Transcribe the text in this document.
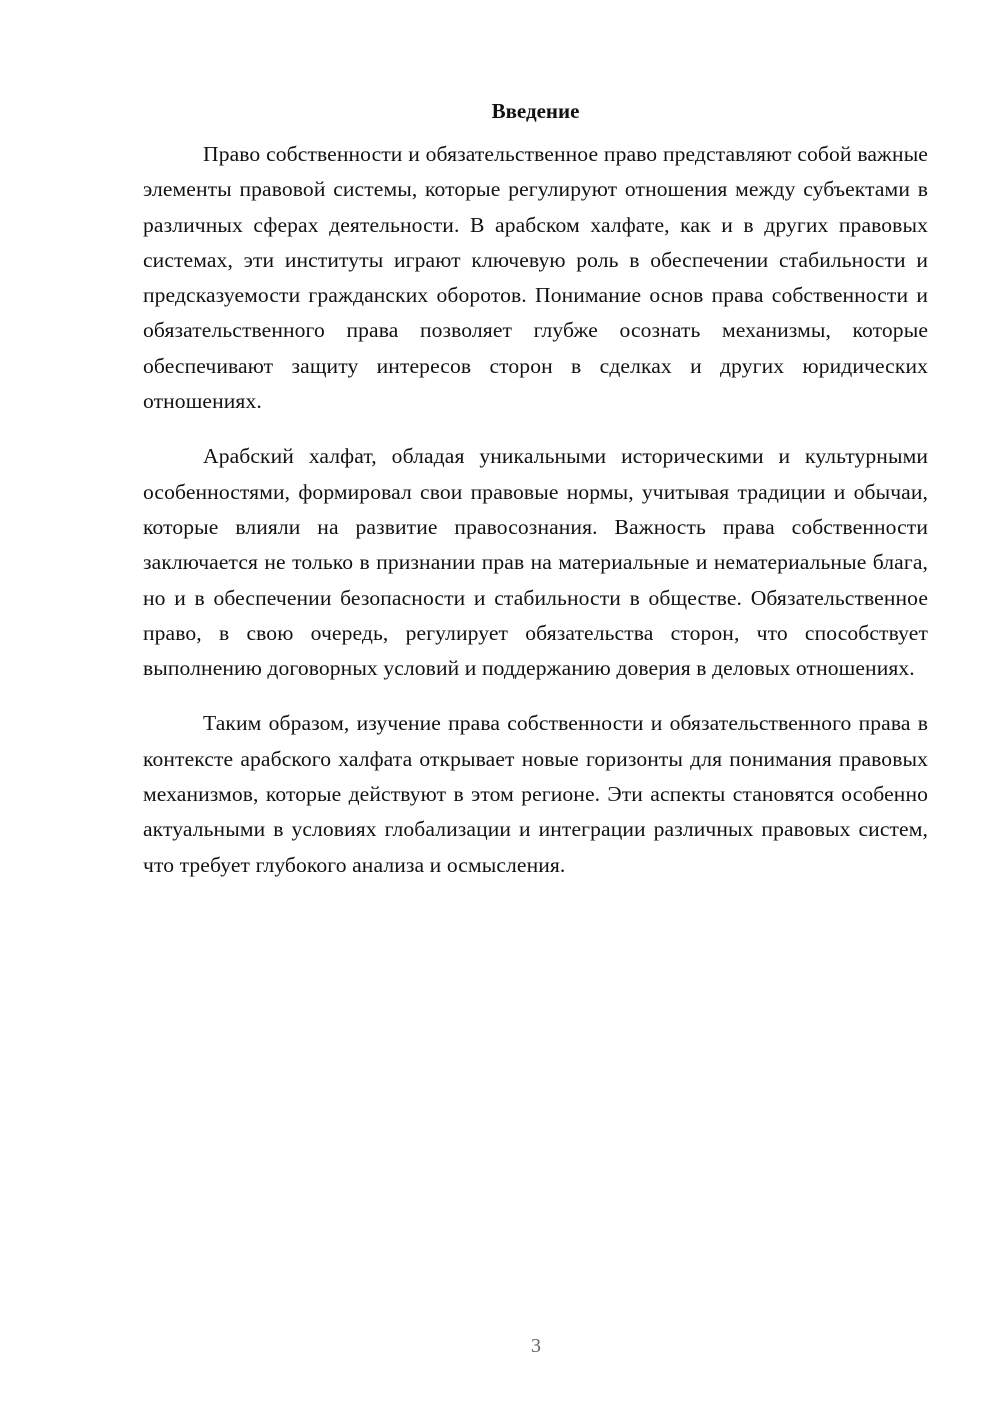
Введение

Право собственности и обязательственное право представляют собой важные элементы правовой системы, которые регулируют отношения между субъектами в различных сферах деятельности. В арабском халфате, как и в других правовых системах, эти институты играют ключевую роль в обеспечении стабильности и предсказуемости гражданских оборотов. Понимание основ права собственности и обязательственного права позволяет глубже осознать механизмы, которые обеспечивают защиту интересов сторон в сделках и других юридических отношениях.

Арабский халфат, обладая уникальными историческими и культурными особенностями, формировал свои правовые нормы, учитывая традиции и обычаи, которые влияли на развитие правосознания. Важность права собственности заключается не только в признании прав на материальные и нематериальные блага, но и в обеспечении безопасности и стабильности в обществе. Обязательственное право, в свою очередь, регулирует обязательства сторон, что способствует выполнению договорных условий и поддержанию доверия в деловых отношениях.

Таким образом, изучение права собственности и обязательственного права в контексте арабского халфата открывает новые горизонты для понимания правовых механизмов, которые действуют в этом регионе. Эти аспекты становятся особенно актуальными в условиях глобализации и интеграции различных правовых систем, что требует глубокого анализа и осмысления.

3
